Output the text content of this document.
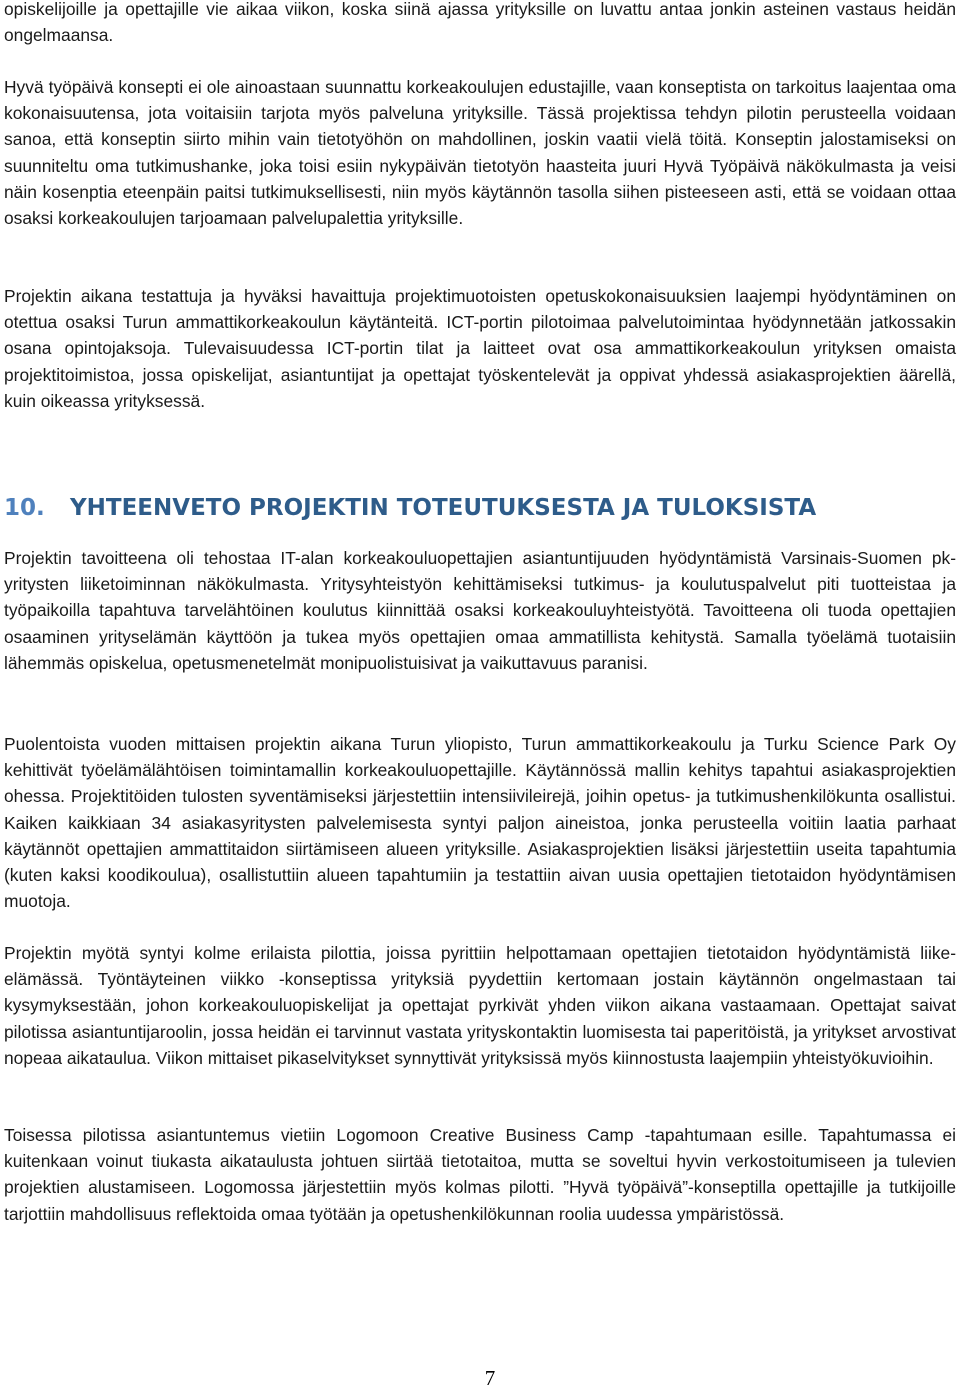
opiskelijoille ja opettajille vie aikaa viikon, koska siinä ajassa yrityksille on luvattu antaa jonkin asteinen vastaus heidän ongelmaansa.

Hyvä työpäivä konsepti ei ole ainoastaan suunnattu korkeakoulujen edustajille, vaan konseptista on tarkoitus laajentaa oma kokonaisuutensa, jota voitaisiin tarjota myös palveluna yrityksille. Tässä projektissa tehdyn pilotin perusteella voidaan sanoa, että konseptin siirto mihin vain tietotyöhön on mahdollinen, joskin vaatii vielä töitä. Konseptin jalostamiseksi on suunniteltu oma tutkimushanke, joka toisi esiin nykypäivän tietotyön haasteita juuri Hyvä Työpäivä näkökulmasta ja veisi näin kosenptia eteenpäin paitsi tutkimuksellisesti, niin myös käytännön tasolla siihen pisteeseen asti, että se voidaan ottaa osaksi korkeakoulujen tarjoamaan palvelupalettia yrityksille.

Projektin aikana testattuja ja hyväksi havaittuja projektimuotoisten opetuskokonaisuuksien laajempi hyödyntäminen on otettua osaksi Turun ammattikorkeakoulun käytänteitä. ICT-portin pilotoimaa palvelutoimintaa hyödynnetään jatkossakin osana opintojaksoja. Tulevaisuudessa ICT-portin tilat ja laitteet ovat osa ammattikorkeakoulun yrityksen omaista projektitoimistoa, jossa opiskelijat, asiantuntijat ja opettajat työskentelevät ja oppivat yhdessä asiakasprojektien äärellä, kuin oikeassa yrityksessä.

10. YHTEENVETO PROJEKTIN TOTEUTUKSESTA JA TULOKSISTA

Projektin tavoitteena oli tehostaa IT-alan korkeakouluopettajien asiantuntijuuden hyödyntämistä Varsinais-Suomen pk-yritysten liiketoiminnan näkökulmasta. Yritysyhteistyön kehittämiseksi tutkimus- ja koulutuspalvelut piti tuotteistaa ja työpaikoilla tapahtuva tarvelähtöinen koulutus kiinnittää osaksi korkeakouluyhteistyötä. Tavoitteena oli tuoda opettajien osaaminen yrityselämän käyttöön ja tukea myös opettajien omaa ammatillista kehitystä. Samalla työelämä tuotaisiin lähemmäs opiskelua, opetusmenetelmät monipuolistuisivat ja vaikuttavuus paranisi.

Puolentoista vuoden mittaisen projektin aikana Turun yliopisto, Turun ammattikorkeakoulu ja Turku Science Park Oy kehittivät työelämälähtöisen toimintamallin korkeakouluopettajille. Käytännössä mallin kehitys tapahtui asiakasprojektien ohessa. Projektitöiden tulosten syventämiseksi järjestettiin intensiivileirejä, joihin opetus- ja tutkimushenkilökunta osallistui. Kaiken kaikkiaan 34 asiakasyritysten palvelemisesta syntyi paljon aineistoa, jonka perusteella voitiin laatia parhaat käytännöt opettajien ammattitaidon siirtämiseen alueen yrityksille. Asiakasprojektien lisäksi järjestettiin useita tapahtumia (kuten kaksi koodikoulua), osallistuttiin alueen tapahtumiin ja testattiin aivan uusia opettajien tietotaidon hyödyntämisen muotoja.

Projektin myötä syntyi kolme erilaista pilottia, joissa pyrittiin helpottamaan opettajien tietotaidon hyödyntämistä liike-elämässä. Työntäyteinen viikko -konseptissa yrityksiä pyydettiin kertomaan jostain käytännön ongelmastaan tai kysymyksestään, johon korkeakouluopiskelijat ja opettajat pyrkivät yhden viikon aikana vastaamaan. Opettajat saivat pilotissa asiantuntijaroolin, jossa heidän ei tarvinnut vastata yrityskontaktin luomisesta tai paperitöistä, ja yritykset arvostivat nopeaa aikataulua. Viikon mittaiset pikaselvitykset synnyttivät yrityksissä myös kiinnostusta laajempiin yhteistyökuvioihin.

Toisessa pilotissa asiantuntemus vietiin Logomoon Creative Business Camp -tapahtumaan esille. Tapahtumassa ei kuitenkaan voinut tiukasta aikataulusta johtuen siirtää tietotaitoa, mutta se soveltui hyvin verkostoitumiseen ja tulevien projektien alustamiseen. Logomossa järjestettiin myös kolmas pilotti. ”Hyvä työpäivä”-konseptilla opettajille ja tutkijoille tarjottiin mahdollisuus reflektoida omaa työtään ja opetushenkilökunnan roolia uudessa ympäristössä.

7
